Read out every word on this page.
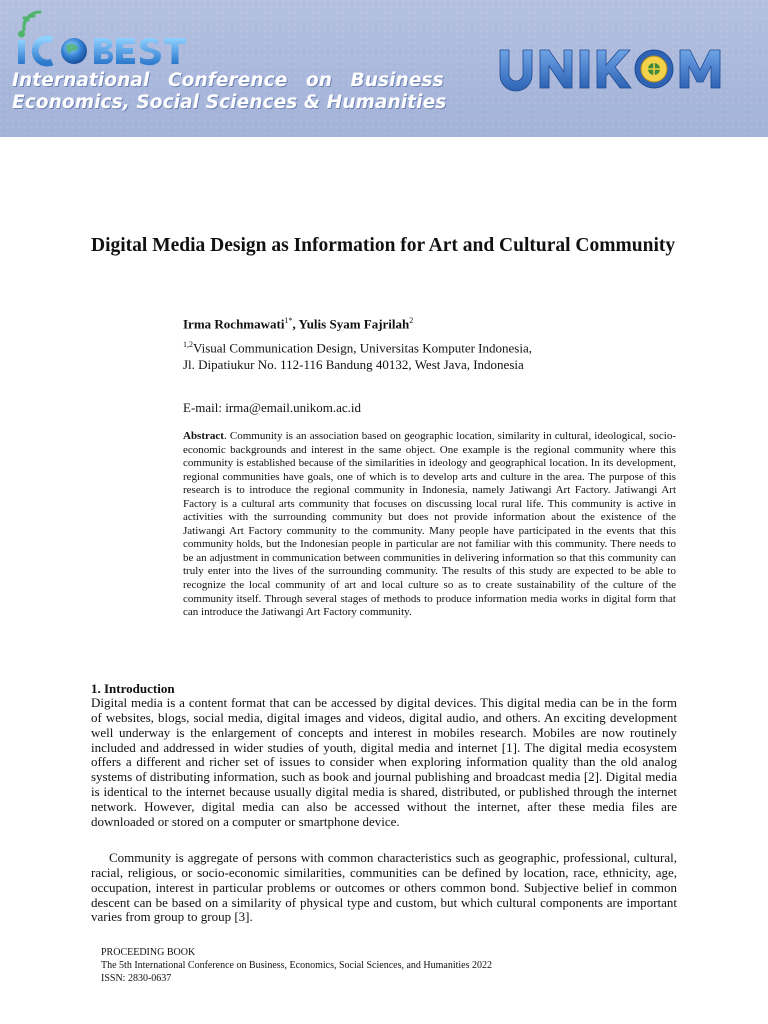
International Conference on Business
Economics, Social Sciences & Humanities
Digital Media Design as Information for Art and Cultural Community

Irma Rochmawati$^{1*}$, Yulis Syam Fajrilah$^2$

$^{1,2}$Visual Communication Design, Universitas Komputer Indonesia,
Jl. Dipatiukur No. 112-116 Bandung 40132, West Java, Indonesia

E-mail: irma@email.unikom.ac.id

Abstract. Community is an association based on geographic location, similarity in cultural, ideological, socio-economic backgrounds and interest in the same object. One example is the regional community where this community is established because of the similarities in ideology and geographical location. In its development, regional communities have goals, one of which is to develop arts and culture in the area. The purpose of this research is to introduce the regional community in Indonesia, namely Jatiwangi Art Factory. Jatiwangi Art Factory is a cultural arts community that focuses on discussing local rural life. This community is active in activities with the surrounding community but does not provide information about the existence of the Jatiwangi Art Factory community to the community. Many people have participated in the events that this community holds, but the Indonesian people in particular are not familiar with this community. There needs to be an adjustment in communication between communities in delivering information so that this community can truly enter into the lives of the surrounding community. The results of this study are expected to be able to recognize the local community of art and local culture so as to create sustainability of the culture of the community itself. Through several stages of methods to produce information media works in digital form that can introduce the Jatiwangi Art Factory community.

1. Introduction

Digital media is a content format that can be accessed by digital devices. This digital media can be in the form of websites, blogs, social media, digital images and videos, digital audio, and others. An exciting development well underway is the enlargement of concepts and interest in mobiles research. Mobiles are now routinely included and addressed in wider studies of youth, digital media and internet [1]. The digital media ecosystem offers a different and richer set of issues to consider when exploring information quality than the old analog systems of distributing information, such as book and journal publishing and broadcast media [2]. Digital media is identical to the internet because usually digital media is shared, distributed, or published through the internet network. However, digital media can also be accessed without the internet, after these media files are downloaded or stored on a computer or smartphone device.

Community is aggregate of persons with common characteristics such as geographic, professional, cultural, racial, religious, or socio-economic similarities, communities can be defined by location, race, ethnicity, age, occupation, interest in particular problems or outcomes or others common bond. Subjective belief in common descent can be based on a similarity of physical type and custom, but which cultural components are important varies from group to group [3].

PROCEEDING BOOK
The 5th International Conference on Business, Economics, Social Sciences, and Humanities 2022
ISSN: 2830-0637
